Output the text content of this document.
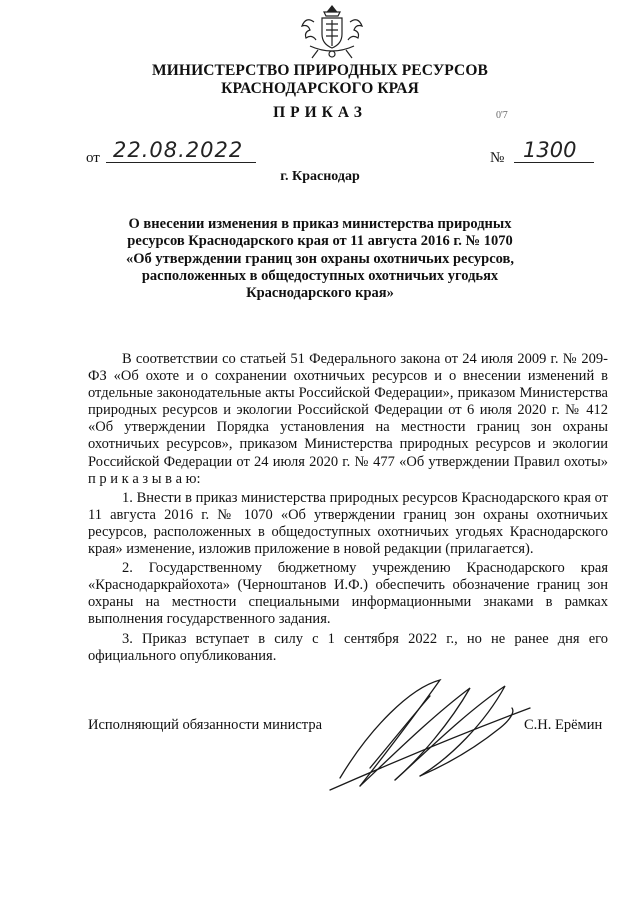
МИНИСТЕРСТВО ПРИРОДНЫХ РЕСУРСОВ
КРАСНОДАРСКОГО КРАЯ
ПРИКАЗ	0'7
от 22.08.2022	№ 1300
г. Краснодар
О внесении изменения в приказ министерства природных ресурсов Краснодарского края от 11 августа 2016 г. № 1070 «Об утверждении границ зон охраны охотничьих ресурсов, расположенных в общедоступных охотничьих угодьях Краснодарского края»

В соответствии со статьей 51 Федерального закона от 24 июля 2009 г. № 209-ФЗ «Об охоте и о сохранении охотничьих ресурсов и о внесении изменений в отдельные законодательные акты Российской Федерации», приказом Министерства природных ресурсов и экологии Российской Федерации от 6 июля 2020 г. № 412 «Об утверждении Порядка установления на местности границ зон охраны охотничьих ресурсов», приказом Министерства природных ресурсов и экологии Российской Федерации от 24 июля 2020 г. № 477 «Об утверждении Правил охоты» п р и к а з ы в а ю:

1. Внести в приказ министерства природных ресурсов Краснодарского края от 11 августа 2016 г. № 1070 «Об утверждении границ зон охраны охотничьих ресурсов, расположенных в общедоступных охотничьих угодьях Краснодарского края» изменение, изложив приложение в новой редакции (прилагается).

2. Государственному бюджетному учреждению Краснодарского края «Краснодаркрайохота» (Черноштанов И.Ф.) обеспечить обозначение границ зон охраны на местности специальными информационными знаками в рамках выполнения государственного задания.

3. Приказ вступает в силу с 1 сентября 2022 г., но не ранее дня его официального опубликования.

Исполняющий обязанности министра	С.Н. Ерёмин
